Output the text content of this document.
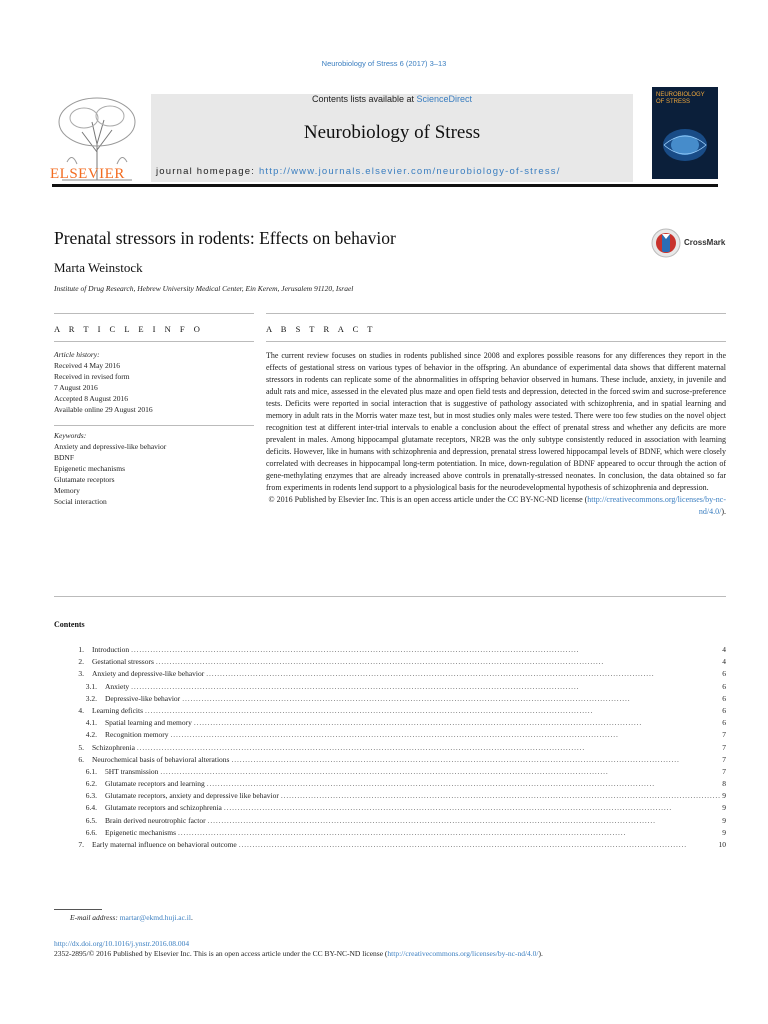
Neurobiology of Stress 6 (2017) 3–13
ELSEVIER
Contents lists available at ScienceDirect
Neurobiology of Stress
journal homepage: http://www.journals.elsevier.com/neurobiology-of-stress/
NEUROBIOLOGY
OF STRESS
Prenatal stressors in rodents: Effects on behavior	CrossMark
Marta Weinstock
Institute of Drug Research, Hebrew University Medical Center, Ein Kerem, Jerusalem 91120, Israel
A R T I C L E I N F O
Article history:
Received 4 May 2016
Received in revised form
7 August 2016
Accepted 8 August 2016
Available online 29 August 2016
Keywords:
Anxiety and depressive-like behavior
BDNF
Epigenetic mechanisms
Glutamate receptors
Memory
Social interaction
A B S T R A C T
The current review focuses on studies in rodents published since 2008 and explores possible reasons for any differences they report in the effects of gestational stress on various types of behavior in the offspring. An abundance of experimental data shows that different maternal stressors in rodents can replicate some of the abnormalities in offspring behavior observed in humans. These include, anxiety, in juvenile and adult rats and mice, assessed in the elevated plus maze and open field tests and depression, detected in the forced swim and sucrose-preference tests. Deficits were reported in social interaction that is suggestive of pathology associated with schizophrenia, and in spatial learning and memory in adult rats in the Morris water maze test, but in most studies only males were tested. There were too few studies on the novel object recognition test at different inter-trial intervals to enable a conclusion about the effect of prenatal stress and whether any deficits are more prevalent in males. Among hippocampal glutamate receptors, NR2B was the only subtype consistently reduced in association with learning deficits. However, like in humans with schizophrenia and depression, prenatal stress lowered hippocampal levels of BDNF, which were closely correlated with decreases in hippocampal long-term potentiation. In mice, down-regulation of BDNF appeared to occur through the action of gene-methylating enzymes that are already increased above controls in prenatally-stressed neonates. In conclusion, the data obtained so far from experiments in rodents lend support to a physiological basis for the neurodevelopmental hypothesis of schizophrenia and depression.
© 2016 Published by Elsevier Inc. This is an open access article under the CC BY-NC-ND license (http://creativecommons.org/licenses/by-nc-nd/4.0/).
Contents
1. Introduction . . .	4
2. Gestational stressors . . .	4
3. Anxiety and depressive-like behavior . . .	6
3.1. Anxiety . . .	6
3.2. Depressive-like behavior . . .	6
4. Learning deficits . . .	6
4.1. Spatial learning and memory . . .	6
4.2. Recognition memory . . .	7
5. Schizophrenia . . .	7
6. Neurochemical basis of behavioral alterations . . .	7
6.1. 5HT transmission . . .	7
6.2. Glutamate receptors and learning . . .	8
6.3. Glutamate receptors, anxiety and depressive like behavior . . .	9
6.4. Glutamate receptors and schizophrenia . . .	9
6.5. Brain derived neurotrophic factor . . .	9
6.6. Epigenetic mechanisms . . .	9
7. Early maternal influence on behavioral outcome . . .	10
E-mail address: martar@ekmd.huji.ac.il.
http://dx.doi.org/10.1016/j.ynstr.2016.08.004
2352-2895/© 2016 Published by Elsevier Inc. This is an open access article under the CC BY-NC-ND license (http://creativecommons.org/licenses/by-nc-nd/4.0/).
